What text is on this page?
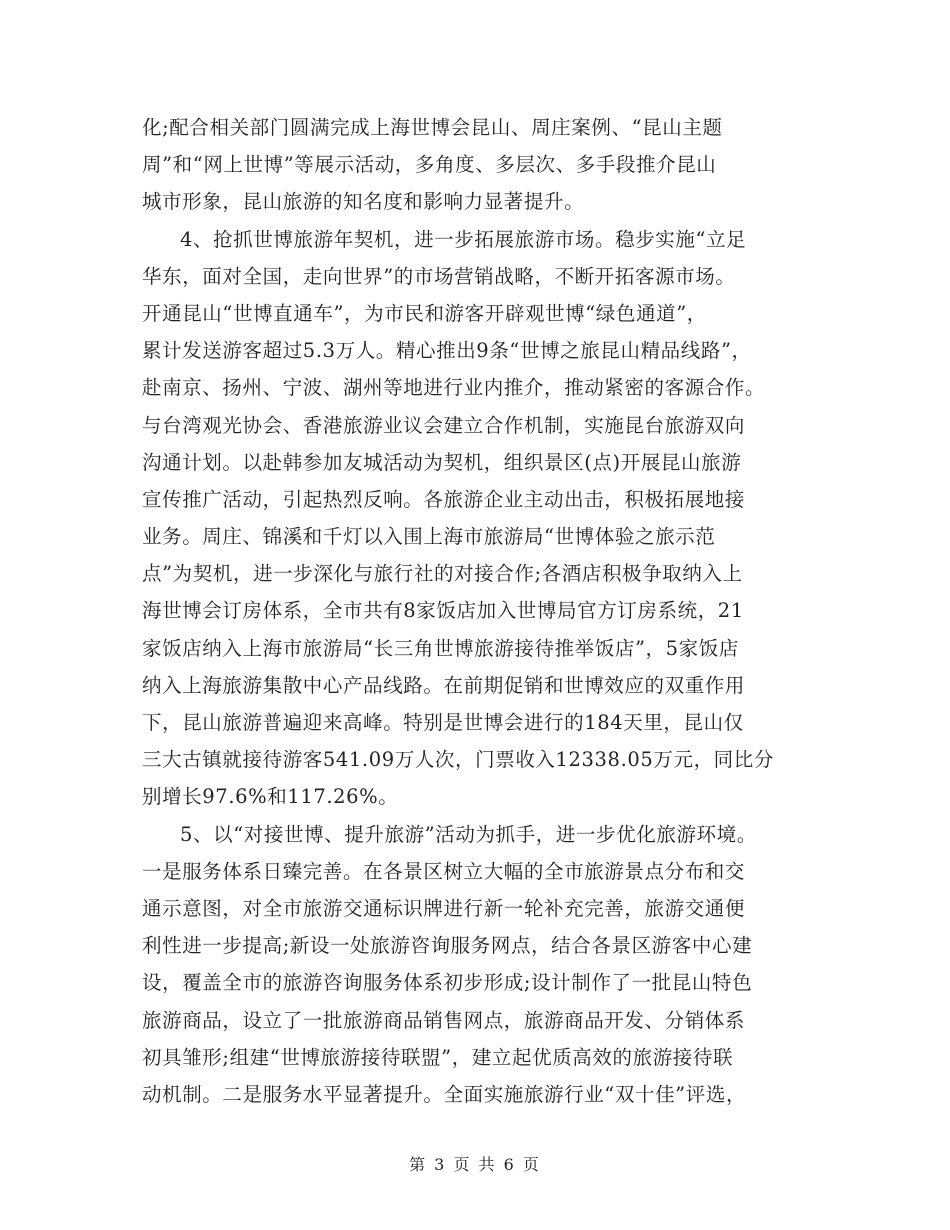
化;配合相关部门圆满完成上海世博会昆山、周庄案例、“昆山主题
周”和“网上世博”等展示活动，多角度、多层次、多手段推介昆山
城市形象，昆山旅游的知名度和影响力显著提升。
4、抢抓世博旅游年契机，进一步拓展旅游市场。稳步实施“立足
华东，面对全国，走向世界”的市场营销战略，不断开拓客源市场。
开通昆山“世博直通车”，为市民和游客开辟观世博“绿色通道”，
累计发送游客超过5.3万人。精心推出9条“世博之旅昆山精品线路”，
赴南京、扬州、宁波、湖州等地进行业内推介，推动紧密的客源合作。
与台湾观光协会、香港旅游业议会建立合作机制，实施昆台旅游双向
沟通计划。以赴韩参加友城活动为契机，组织景区(点)开展昆山旅游
宣传推广活动，引起热烈反响。各旅游企业主动出击，积极拓展地接
业务。周庄、锦溪和千灯以入围上海市旅游局“世博体验之旅示范
点”为契机，进一步深化与旅行社的对接合作;各酒店积极争取纳入上
海世博会订房体系，全市共有8家饭店加入世博局官方订房系统，21
家饭店纳入上海市旅游局“长三角世博旅游接待推举饭店”，5家饭店
纳入上海旅游集散中心产品线路。在前期促销和世博效应的双重作用
下，昆山旅游普遍迎来高峰。特别是世博会进行的184天里，昆山仅
三大古镇就接待游客541.09万人次，门票收入12338.05万元，同比分
别增长97.6%和117.26%。
5、以“对接世博、提升旅游”活动为抓手，进一步优化旅游环境。
一是服务体系日臻完善。在各景区树立大幅的全市旅游景点分布和交
通示意图，对全市旅游交通标识牌进行新一轮补充完善，旅游交通便
利性进一步提高;新设一处旅游咨询服务网点，结合各景区游客中心建
设，覆盖全市的旅游咨询服务体系初步形成;设计制作了一批昆山特色
旅游商品，设立了一批旅游商品销售网点，旅游商品开发、分销体系
初具雏形;组建“世博旅游接待联盟”，建立起优质高效的旅游接待联
动机制。二是服务水平显著提升。全面实施旅游行业“双十佳”评选，
第 3 页 共 6 页
